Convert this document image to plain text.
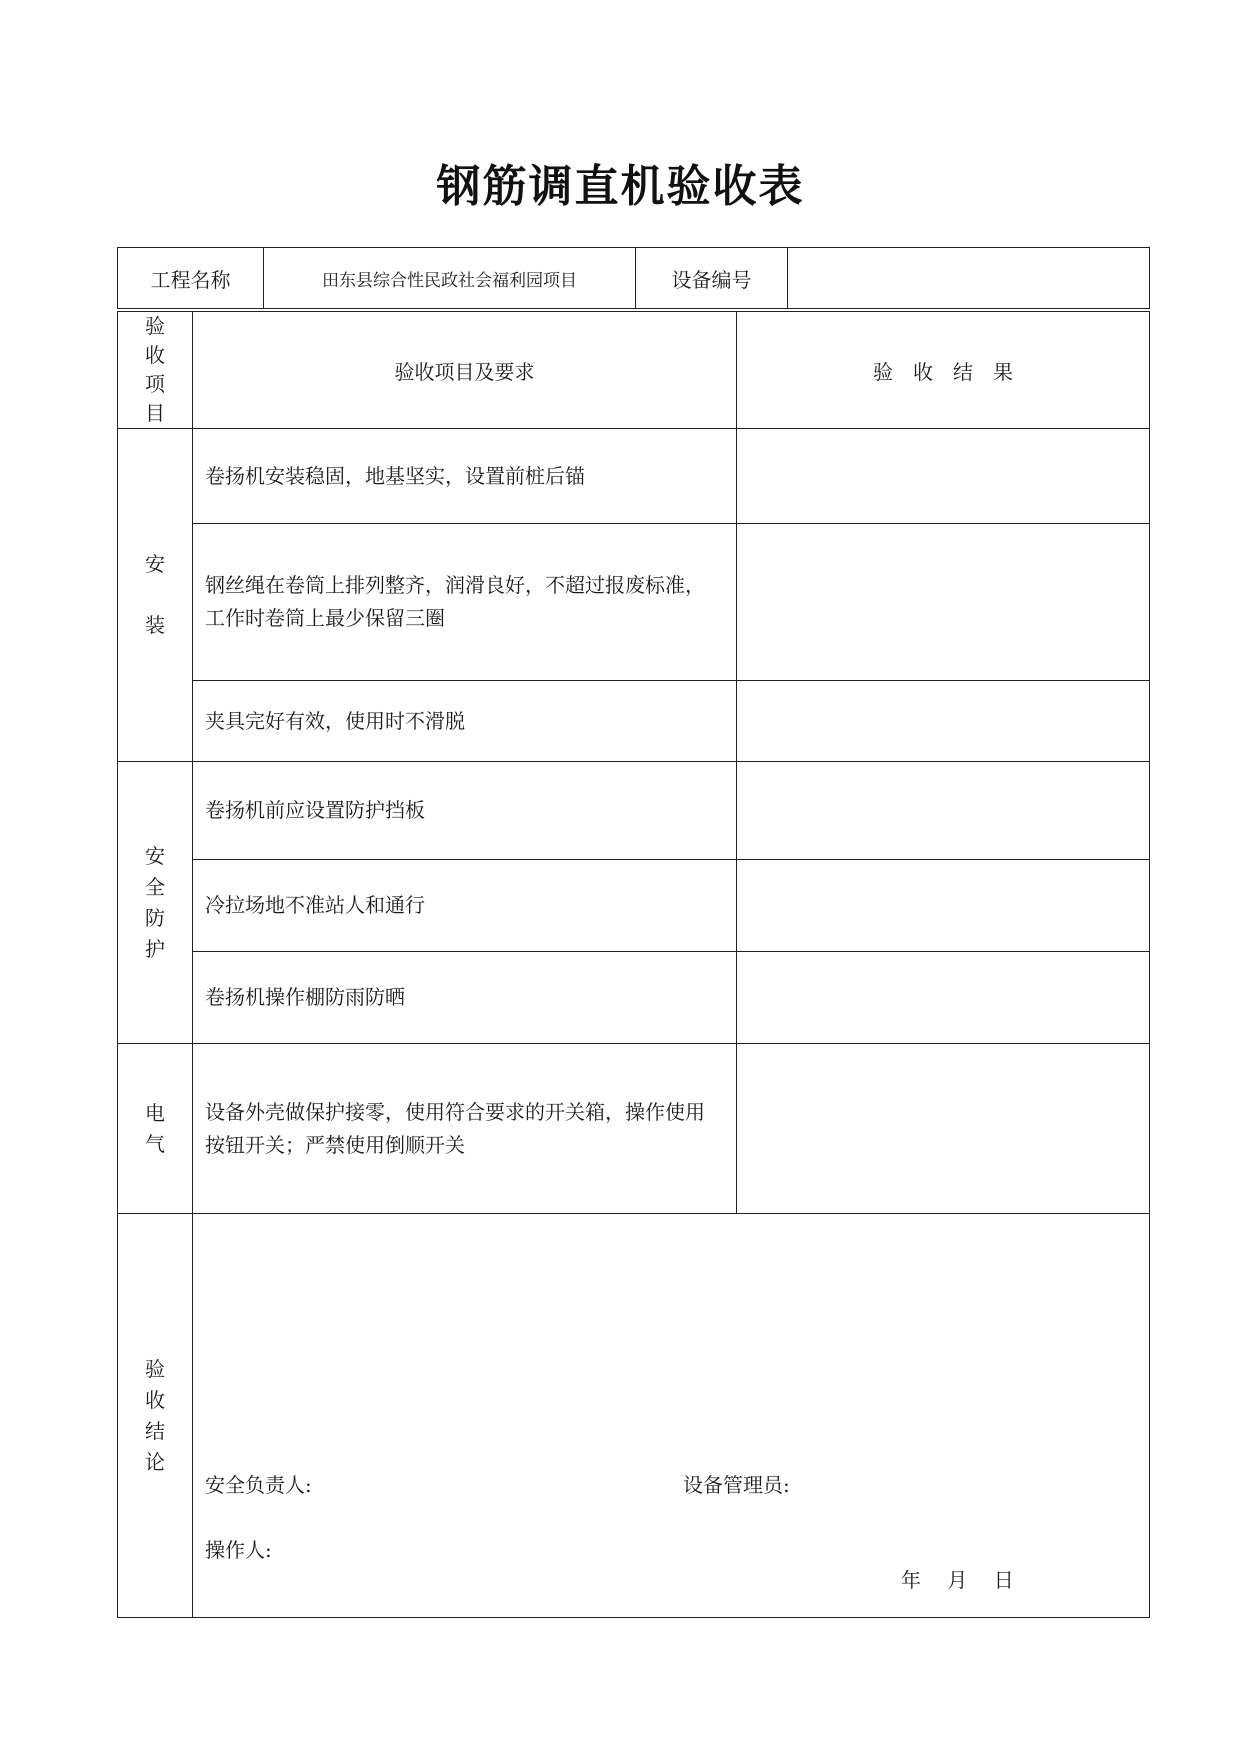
钢筋调直机验收表
工程名称	田东县综合性民政社会福利园项目	设备编号	
验收项目	验收项目及要求	验　收　结　果

安
装	卷扬机安装稳固，地基坚实，设置前桩后锚	
	钢丝绳在卷筒上排列整齐，润滑良好，不超过报废标准，工作时卷筒上最少保留三圈	
	夹具完好有效，使用时不滑脱	

安
全
防
护	卷扬机前应设置防护挡板	
	冷拉场地不准站人和通行	
	卷扬机操作棚防雨防晒	

电
气	设备外壳做保护接零，使用符合要求的开关箱，操作使用按钮开关；严禁使用倒顺开关	

验
收
结
论	安全负责人: 设备管理员:
操作人:
年　 月　 日	
